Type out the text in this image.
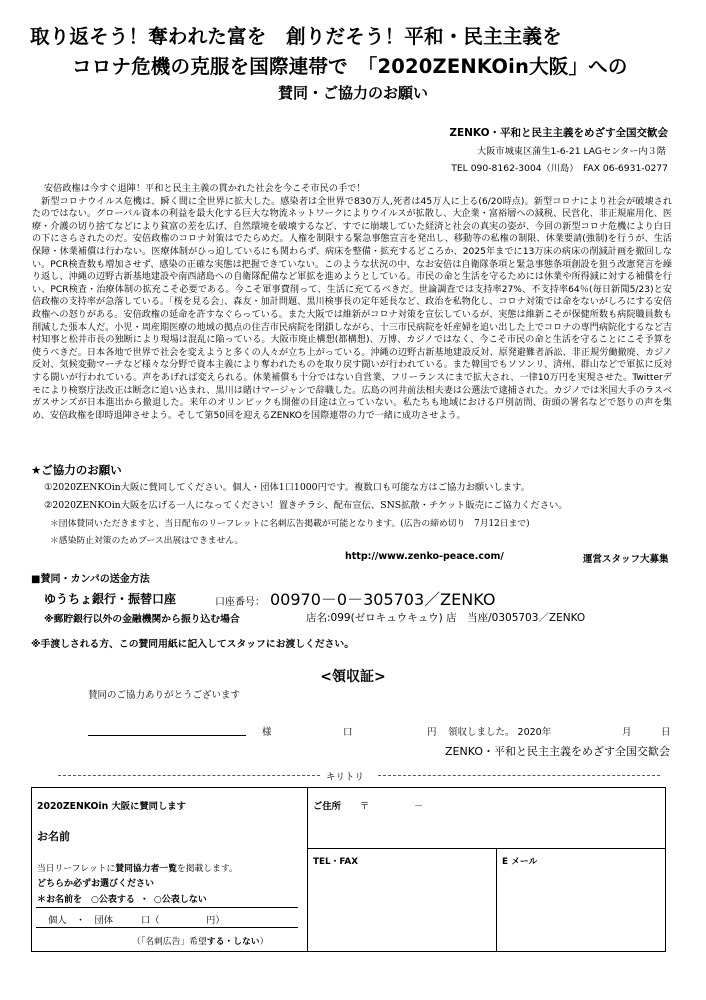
取り返そう！奪われた富を　創りだそう！平和・民主主義を
コロナ危機の克服を国際連帯で　「2020ZENKOin大阪」への
賛同・ご協力のお願い
ZENKO・平和と民主主義をめざす全国交歓会
大阪市城東区蒲生1-6-21 LAGセンター内３階
TEL 090-8162-3004（川島）　FAX 06-6931-0277
安倍政権は今すぐ退陣！平和と民主主義の貫かれた社会を今こそ市民の手で！
新型コロナウイルス危機は、瞬く間に全世界に拡大した。感染者は全世界で830万人,死者は45万人に上る(6/20時点)。新型コロナにより社会が破壊されたのではない。グローバル資本の利益を最大化する巨大な物流ネットワークによりウイルスが拡散し、大企業・富裕層への減税、民営化、非正規雇用化、医療・介護の切り捨てなどにより貧富の差を広げ、自然環境を破壊するなど、すでに崩壊していた経済と社会の真実の姿が、今回の新型コロナ危機により白日の下にさらされたのだ。安倍政権のコロナ対策はでたらめだ。人権を制限する緊急事態宣言を発出し、移動等の私権の制限、休業要請(強制)を行うが、生活保障・休業補償は行わない。医療体制がひっ迫しているにも関わらず、病床を整備・拡充するどころか、2025年までに13万床の病床の削減計画を撤回しない。PCR検査数も増加させず、感染の正確な実態は把握できていない。このような状況の中、なお安倍は自衛隊条項と緊急事態条項創設を狙う改憲発言を繰り返し、沖縄の辺野古新基地建設や南西諸島への自衛隊配備など軍拡を進めようとしている。市民の命と生活を守るためには休業や所得減に対する補償を行い、PCR検査・治療体制の拡充こそ必要である。今こそ軍事費削って、生活に充てるべきだ。世論調査では支持率27%、不支持率64％(毎日新聞5/23)と安倍政権の支持率が急落している。「桜を見る会」、森友・加計問題、黒川検事長の定年延長など、政治を私物化し、コロナ対策では命をないがしろにする安倍政権への怒りがある。安倍政権の延命を許すなぐらっている。また大阪では維新がコロナ対策を宣伝しているが、実態は維新こそが保健所数も病院職員数も削減した張本人だ。小児・周産期医療の地域の拠点の住吉市民病院を閉鎖しながら、十三市民病院を妊産婦を追い出した上でコロナの専門病院化するなど吉村知事と松井市長の独断により現場は混乱に陥っている。大阪市廃止構想(都構想)、万博、カジノではなく、今こそ市民の命と生活を守ることにこそ予算を使うべきだ。日本各地で世界で社会を変えようと多くの人々が立ち上がっている。沖縄の辺野古新基地建設反対、原発避難者訴訟、非正規労働撤廃、カジノ反対、気候変動マーチなど様々な分野で資本主義により奪われたものを取り戻す闘いが行われている。また韓国でもソソンリ、済州、群山などで軍拡に反対する闘いが行われている。声をあげれば変えられる。休業補償も十分ではない自営業、フリーランスにまで拡大され、一律10万円を実現させた。Twitterデモにより検察庁法改正は断念に追い込まれ、黒川は賭けマージャンで辞職した。広島の河井前法相夫妻は公選法で逮捕された。カジノでは米国大手のラスベガスサンズが日本進出から撤退した。来年のオリンピックも開催の目途は立っていない。私たちも地域における戸別訪問、街頭の署名などで怒りの声を集め、安倍政権を即時退陣させよう。そして第50回を迎えるZENKOを国際連帯の力で一緒に成功させよう。
★ご協力のお願い
①2020ZENKOin大阪に賛同してください。個人・団体1口1000円です。複数口も可能な方はご協力お願いします。
②2020ZENKOin大阪を広げる一人になってください！置きチラシ、配布宣伝、SNS拡散・チケット販売にご協力ください。
＊団体賛同いただきますと、当日配布のリーフレットに名刺広告掲載が可能となります。(広告の締め切り　7月12日まで)
＊感染防止対策のためブース出展はできません。
http://www.zenko-peace.com/	運営スタッフ大募集
■賛同・カンパの送金方法
ゆうちょ銀行・振替口座	口座番号： 00970－0－305703／ZENKO
※郵貯銀行以外の金融機関から振り込む場合	店名:099(ゼロキュウキュウ) 店　当座/0305703／ZENKO
※手渡しされる方、この賛同用紙に記入してスタッフにお渡しください。
<領収証>
賛同のご協力ありがとうございます
様	口	円 領収しました。 2020年	月	日
ZENKO・平和と民主主義をめざす全国交歓会
キリトリ
2020ZENKOin 大阪に賛同します	ご住所 〒	－
お名前
TEL・FAX	E メール
当日リーフレットに賛同協力者一覧を掲載します。
どちらか必ずお選びください
＊お名前を　○公表する ・ ○公表しない
個人　・　団体　　　口（　　　　　円）
（「名刺広告」希望する・しない）
